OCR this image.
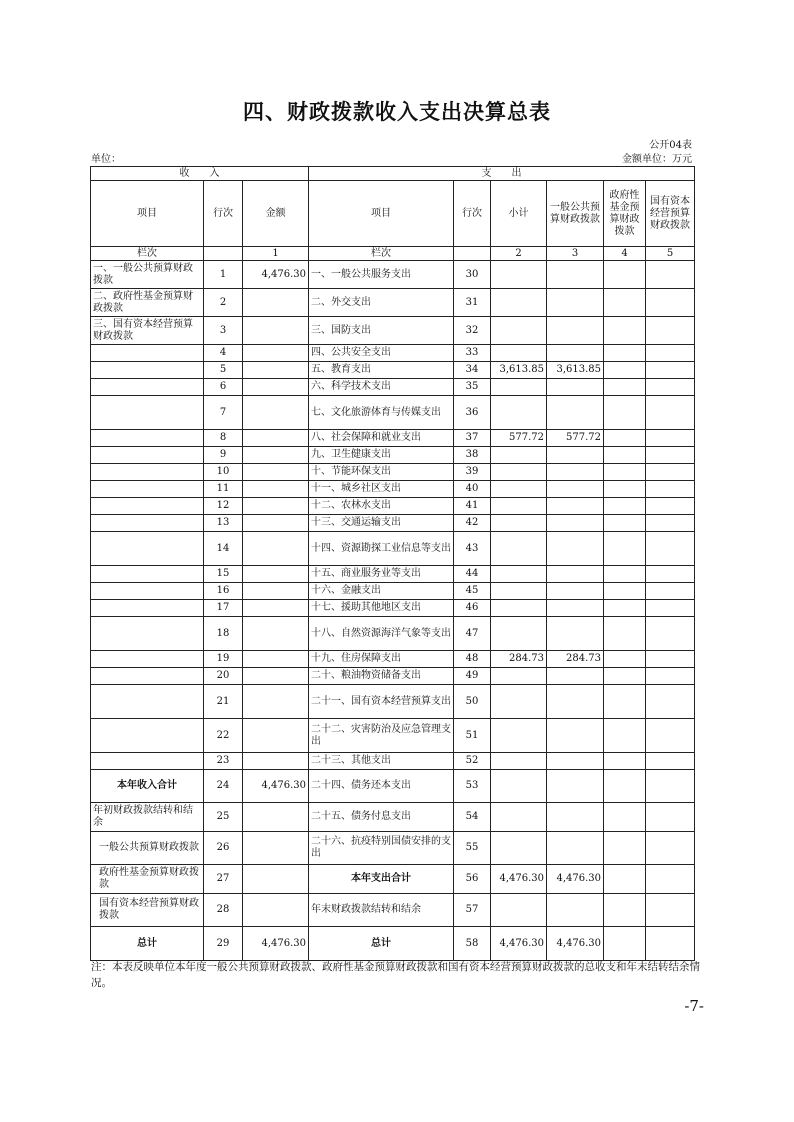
四、财政拨款收入支出决算总表
公开04表
单位：	金额单位：万元
收　　入			支　　出					
项目	行次	金额	项目	行次	小计	一般公共预算财政拨款	政府性基金预算财政拨款	国有资本经营预算财政拨款
栏次		1	栏次		2	3	4	5
一、一般公共预算财政拨款	1	4,476.30	一、一般公共服务支出	30				
二、政府性基金预算财政拨款	2		二、外交支出	31				
三、国有资本经营预算财政拨款	3		三、国防支出	32				
	4		四、公共安全支出	33				
	5		五、教育支出	34	3,613.85	3,613.85		
	6		六、科学技术支出	35				
	7		七、文化旅游体育与传媒支出	36				
	8		八、社会保障和就业支出	37	577.72	577.72		
	9		九、卫生健康支出	38				
	10		十、节能环保支出	39				
	11		十一、城乡社区支出	40				
	12		十二、农林水支出	41				
	13		十三、交通运输支出	42				
	14		十四、资源勘探工业信息等支出	43				
	15		十五、商业服务业等支出	44				
	16		十六、金融支出	45				
	17		十七、援助其他地区支出	46				
	18		十八、自然资源海洋气象等支出	47				
	19		十九、住房保障支出	48	284.73	284.73		
	20		二十、粮油物资储备支出	49				
	21		二十一、国有资本经营预算支出	50				
	22		二十二、灾害防治及应急管理支出	51				
	23		二十三、其他支出	52				
本年收入合计	24	4,476.30	二十四、债务还本支出	53				
年初财政拨款结转和结余	25		二十五、债务付息支出	54				
一般公共预算财政拨款	26		二十六、抗疫特别国债安排的支出	55				
政府性基金预算财政拨款	27		本年支出合计	56	4,476.30	4,476.30		
国有资本经营预算财政拨款	28		年末财政拨款结转和结余	57				
总计	29	4,476.30	总计	58	4,476.30	4,476.30		
注：本表反映单位本年度一般公共预算财政拨款、政府性基金预算财政拨款和国有资本经营预算财政拨款的总收支和年末结转结余情况。
-7-
